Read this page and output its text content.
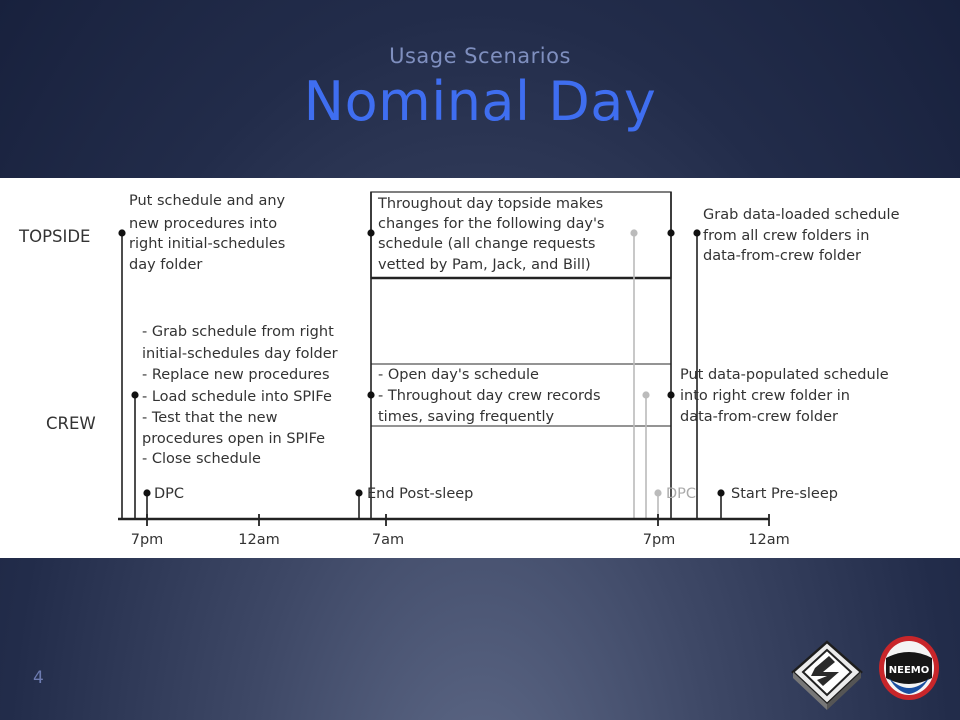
Usage Scenarios
Nominal Day
TOPSIDE
CREW
Put schedule and any
new procedures into
right initial-schedules
day folder
Throughout day topside makes
changes for the following day's
schedule (all change requests
vetted by Pam, Jack, and Bill)
Grab data-loaded schedule
from all crew folders in
data-from-crew folder
- Grab schedule from right
initial-schedules day folder
- Replace new procedures
- Load schedule into SPIFe
- Test that the new
procedures open in SPIFe
- Close schedule
- Open day's schedule
- Throughout day crew records
times, saving frequently
Put data-populated schedule
into right crew folder in
data-from-crew folder
DPC	End Post-sleep	DPC Start Pre-sleep
7pm	12am	7am	7pm	12am
4	NEEMO
